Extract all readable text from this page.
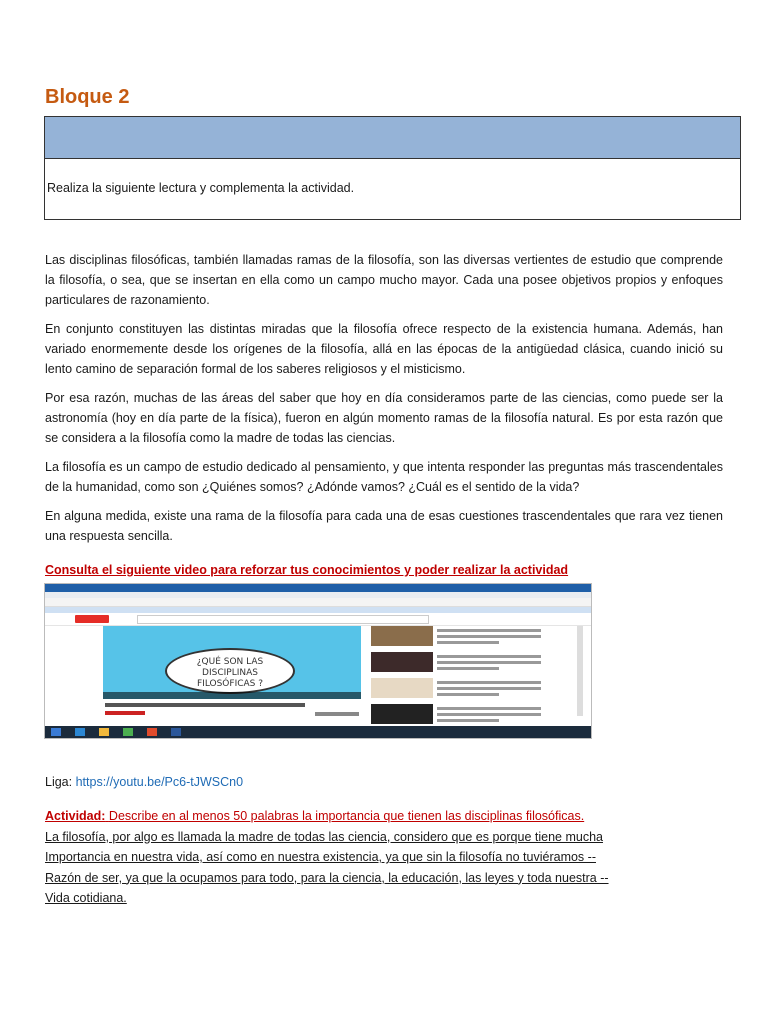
Bloque 2
Realiza la siguiente lectura y complementa la actividad.

Las disciplinas filosóficas, también llamadas ramas de la filosofía, son las diversas vertientes de estudio que comprende la filosofía, o sea, que se insertan en ella como un campo mucho mayor. Cada una posee objetivos propios y enfoques particulares de razonamiento.

En conjunto constituyen las distintas miradas que la filosofía ofrece respecto de la existencia humana. Además, han variado enormemente desde los orígenes de la filosofía, allá en las épocas de la antigüedad clásica, cuando inició su lento camino de separación formal de los saberes religiosos y el misticismo.

Por esa razón, muchas de las áreas del saber que hoy en día consideramos parte de las ciencias, como puede ser la astronomía (hoy en día parte de la física), fueron en algún momento ramas de la filosofía natural. Es por esta razón que se considera a la filosofía como la madre de todas las ciencias.

La filosofía es un campo de estudio dedicado al pensamiento, y que intenta responder las preguntas más trascendentales de la humanidad, como son ¿Quiénes somos? ¿Adónde vamos? ¿Cuál es el sentido de la vida?

En alguna medida, existe una rama de la filosofía para cada una de esas cuestiones trascendentales que rara vez tienen una respuesta sencilla.

Consulta el siguiente video para reforzar tus conocimientos y poder realizar la actividad
¿QUÉ SON LAS
DISCIPLINAS
FILOSÓFICAS ?
Liga: https://youtu.be/Pc6-tJWSCn0
Actividad: Describe en al menos 50 palabras la importancia que tienen las disciplinas filosóficas.
La filosofía, por algo es llamada la madre de todas las ciencia, considero que es porque tiene mucha
Importancia en nuestra vida, así como en nuestra existencia, ya que sin la filosofía no tuviéramos --
Razón de ser, ya que la ocupamos para todo, para la ciencia, la educación, las leyes y toda nuestra --
Vida cotidiana.
